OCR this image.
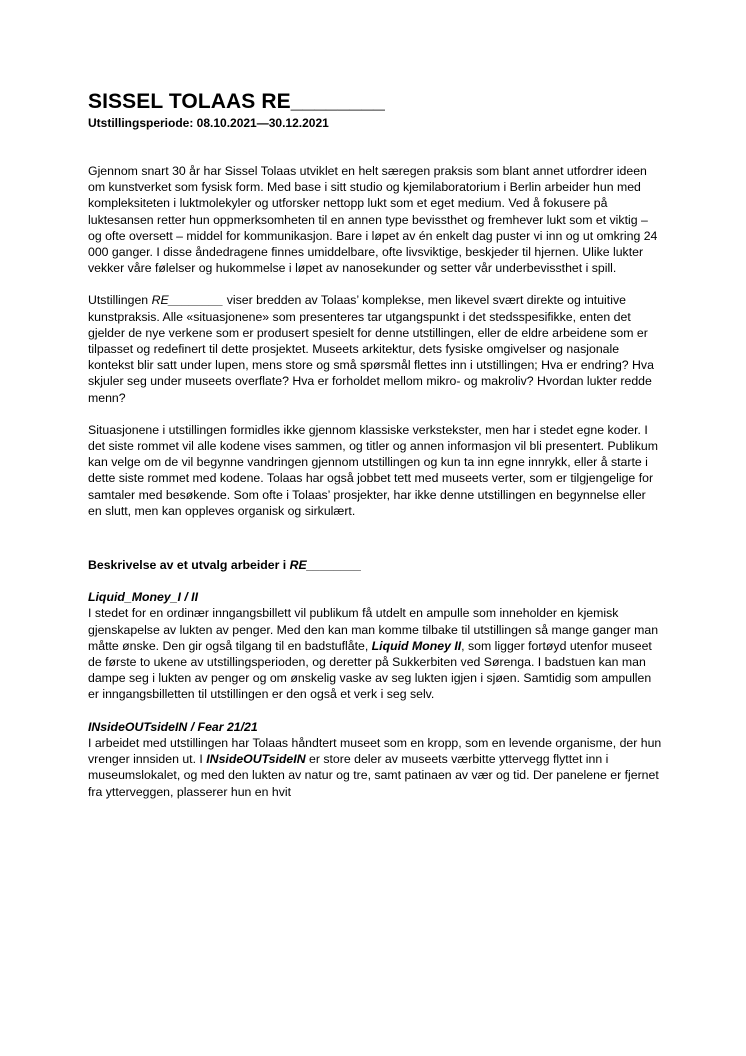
SISSEL TOLAAS RE________
Utstillingsperiode: 08.10.2021—30.12.2021

Gjennom snart 30 år har Sissel Tolaas utviklet en helt særegen praksis som blant annet utfordrer ideen om kunstverket som fysisk form. Med base i sitt studio og kjemilaboratorium i Berlin arbeider hun med kompleksiteten i luktmolekyler og utforsker nettopp lukt som et eget medium. Ved å fokusere på luktesansen retter hun oppmerksomheten til en annen type bevissthet og fremhever lukt som et viktig – og ofte oversett – middel for kommunikasjon. Bare i løpet av én enkelt dag puster vi inn og ut omkring 24 000 ganger. I disse åndedragene finnes umiddelbare, ofte livsviktige, beskjeder til hjernen. Ulike lukter vekker våre følelser og hukommelse i løpet av nanosekunder og setter vår underbevissthet i spill.

Utstillingen RE________ viser bredden av Tolaas’ komplekse, men likevel svært direkte og intuitive kunstpraksis. Alle «situasjonene» som presenteres tar utgangspunkt i det stedsspesifikke, enten det gjelder de nye verkene som er produsert spesielt for denne utstillingen, eller de eldre arbeidene som er tilpasset og redefinert til dette prosjektet. Museets arkitektur, dets fysiske omgivelser og nasjonale kontekst blir satt under lupen, mens store og små spørsmål flettes inn i utstillingen; Hva er endring? Hva skjuler seg under museets overflate? Hva er forholdet mellom mikro- og makroliv? Hvordan lukter redde menn?

Situasjonene i utstillingen formidles ikke gjennom klassiske verkstekster, men har i stedet egne koder. I det siste rommet vil alle kodene vises sammen, og titler og annen informasjon vil bli presentert. Publikum kan velge om de vil begynne vandringen gjennom utstillingen og kun ta inn egne innrykk, eller å starte i dette siste rommet med kodene. Tolaas har også jobbet tett med museets verter, som er tilgjengelige for samtaler med besøkende. Som ofte i Tolaas’ prosjekter, har ikke denne utstillingen en begynnelse eller en slutt, men kan oppleves organisk og sirkulært.

Beskrivelse av et utvalg arbeider i RE________

Liquid_Money_I / II

I stedet for en ordinær inngangsbillett vil publikum få utdelt en ampulle som inneholder en kjemisk gjenskapelse av lukten av penger. Med den kan man komme tilbake til utstillingen så mange ganger man måtte ønske. Den gir også tilgang til en badstuflåte, Liquid Money II, som ligger fortøyd utenfor museet de første to ukene av utstillingsperioden, og deretter på Sukkerbiten ved Sørenga. I badstuen kan man dampe seg i lukten av penger og om ønskelig vaske av seg lukten igjen i sjøen. Samtidig som ampullen er inngangsbilletten til utstillingen er den også et verk i seg selv.

INsideOUTsideIN / Fear 21/21

I arbeidet med utstillingen har Tolaas håndtert museet som en kropp, som en levende organisme, der hun vrenger innsiden ut. I INsideOUTsideIN er store deler av museets værbitte yttervegg flyttet inn i museumslokalet, og med den lukten av natur og tre, samt patinaen av vær og tid. Der panelene er fjernet fra ytterveggen, plasserer hun en hvit
